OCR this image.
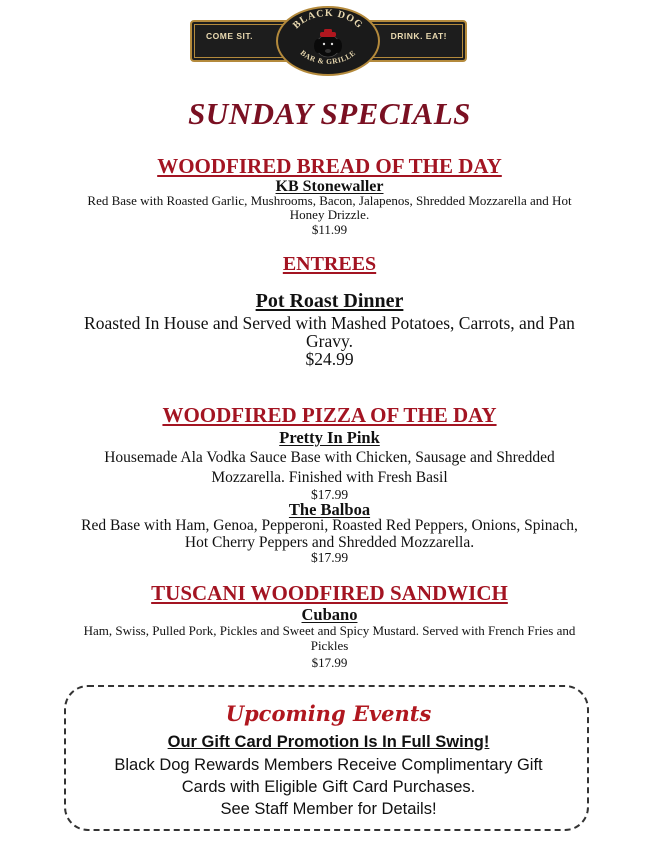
COME SIT.	DRINK. EAT!
BLACK DOG
BAR & GRILLE
SUNDAY SPECIALS
WOODFIRED BREAD OF THE DAY
KB Stonewaller
Red Base with Roasted Garlic, Mushrooms, Bacon, Jalapenos, Shredded Mozzarella and Hot
Honey Drizzle.
$11.99
ENTREES
Pot Roast Dinner
Roasted In House and Served with Mashed Potatoes, Carrots, and Pan
Gravy.
$24.99
WOODFIRED PIZZA OF THE DAY
Pretty In Pink
Housemade Ala Vodka Sauce Base with Chicken, Sausage and Shredded
Mozzarella. Finished with Fresh Basil
$17.99
The Balboa
Red Base with Ham, Genoa, Pepperoni, Roasted Red Peppers, Onions, Spinach,
Hot Cherry Peppers and Shredded Mozzarella.
$17.99
TUSCANI WOODFIRED SANDWICH
Cubano
Ham, Swiss, Pulled Pork, Pickles and Sweet and Spicy Mustard. Served with French Fries and
Pickles
$17.99
Upcoming Events
Our Gift Card Promotion Is In Full Swing!
Black Dog Rewards Members Receive Complimentary Gift
Cards with Eligible Gift Card Purchases.
See Staff Member for Details!
